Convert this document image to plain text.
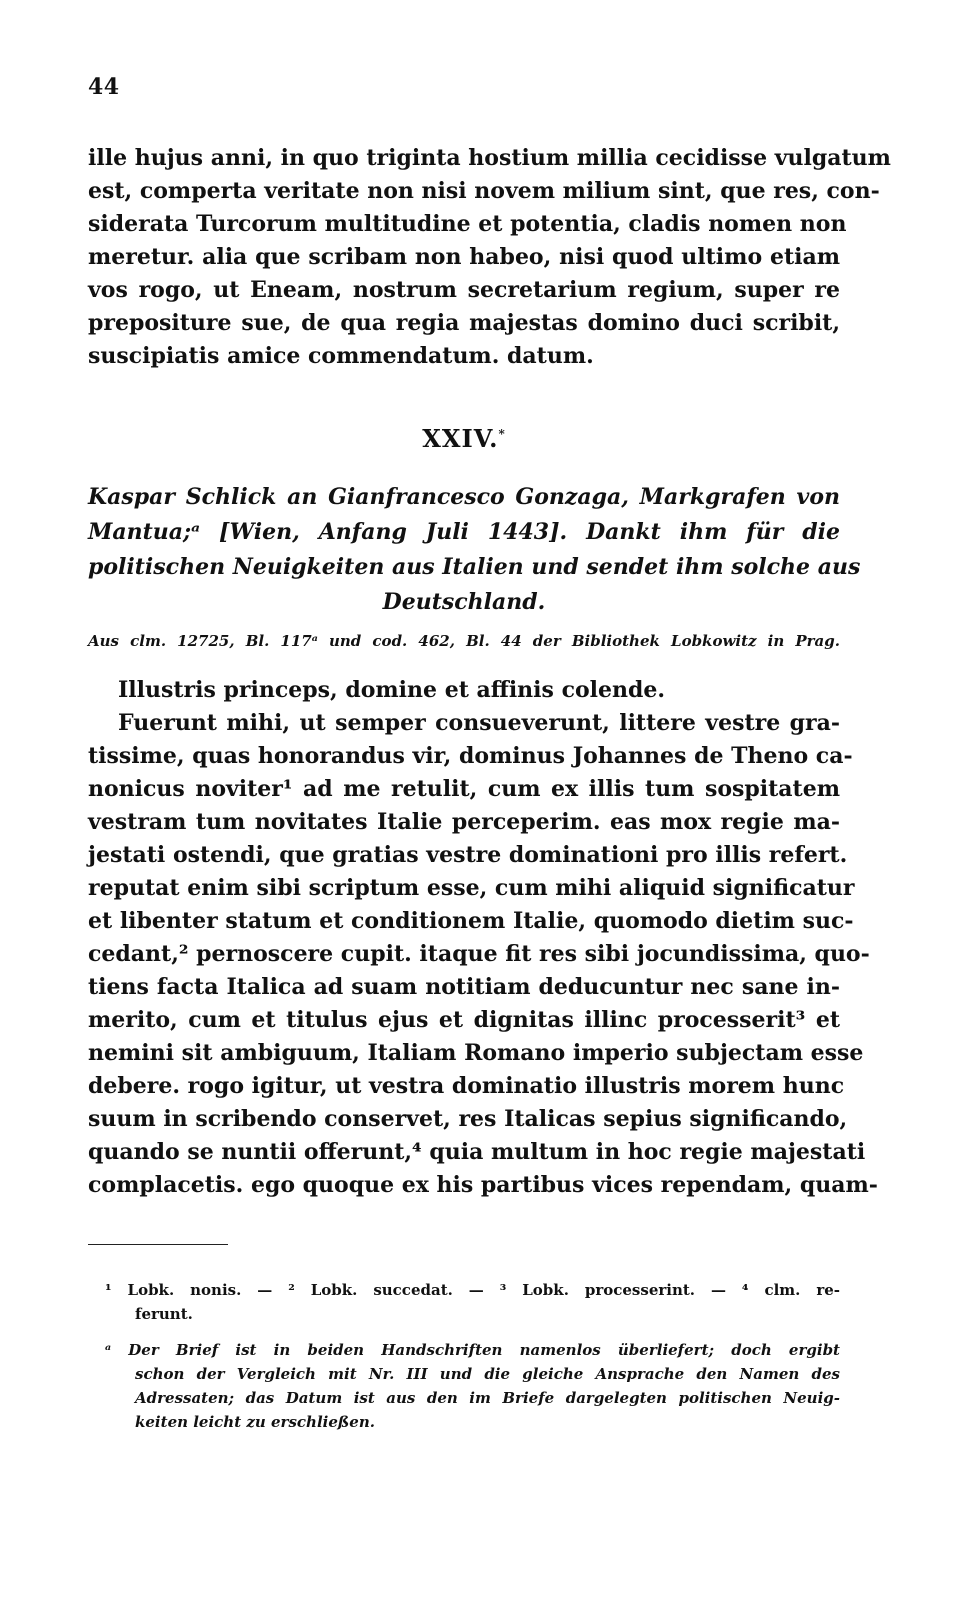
44
ille hujus anni, in quo triginta hostium millia cecidisse vulgatum
est, comperta veritate non nisi novem milium sint, que res, con-
siderata Turcorum multitudine et potentia, cladis nomen non
meretur. alia que scribam non habeo, nisi quod ultimo etiam
vos rogo, ut Eneam, nostrum secretarium regium, super re
prepositure sue, de qua regia majestas domino duci scribit,
suscipiatis amice commendatum. datum.
XXIV.*
Kaspar Schlick an Gianfrancesco Gonzaga, Markgrafen von
Mantua;ᵃ [Wien, Anfang Juli 1443]. Dankt ihm für die
politischen Neuigkeiten aus Italien und sendet ihm solche aus
Deutschland.
Aus clm. 12725, Bl. 117ᵃ und cod. 462, Bl. 44 der Bibliothek Lobkowitz in Prag.
Illustris princeps, domine et affinis colende.
Fuerunt mihi, ut semper consueverunt, littere vestre gra-
tissime, quas honorandus vir, dominus Johannes de Theno ca-
nonicus noviter¹ ad me retulit, cum ex illis tum sospitatem
vestram tum novitates Italie perceperim. eas mox regie ma-
jestati ostendi, que gratias vestre dominationi pro illis refert.
reputat enim sibi scriptum esse, cum mihi aliquid significatur
et libenter statum et conditionem Italie, quomodo dietim suc-
cedant,² pernoscere cupit. itaque fit res sibi jocundissima, quo-
tiens facta Italica ad suam notitiam deducuntur nec sane in-
merito, cum et titulus ejus et dignitas illinc processerit³ et
nemini sit ambiguum, Italiam Romano imperio subjectam esse
debere. rogo igitur, ut vestra dominatio illustris morem hunc
suum in scribendo conservet, res Italicas sepius significando,
quando se nuntii offerunt,⁴ quia multum in hoc regie majestati
complacetis. ego quoque ex his partibus vices rependam, quam-
¹ Lobk. nonis. — ² Lobk. succedat. — ³ Lobk. processerint. — ⁴ clm. re-
ferunt.
ᵃ Der Brief ist in beiden Handschriften namenlos überliefert; doch ergibt
schon der Vergleich mit Nr. III und die gleiche Ansprache den Namen des
Adressaten; das Datum ist aus den im Briefe dargelegten politischen Neuig-
keiten leicht zu erschließen.
